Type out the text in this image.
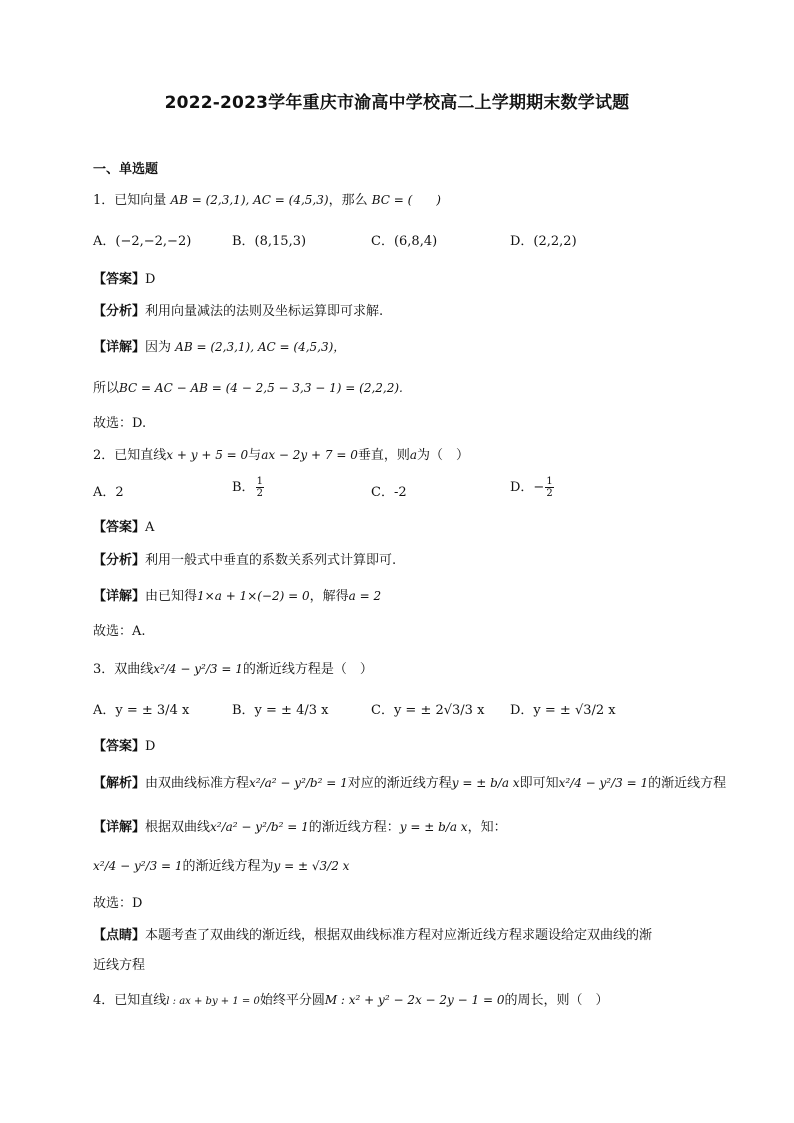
2022-2023学年重庆市渝高中学校高二上学期期末数学试题
一、单选题
1．已知向量 AB = (2,3,1), AC = (4,5,3)，那么 BC = (　　)
A．(−2,−2,−2)	B．(8,15,3)	C．(6,8,4)	D．(2,2,2)
【答案】D
【分析】利用向量减法的法则及坐标运算即可求解.
【详解】因为 AB = (2,3,1), AC = (4,5,3)，
所以BC = AC − AB = (4 − 2,5 − 3,3 − 1) = (2,2,2).
故选：D.
2．已知直线x + y + 5 = 0与ax − 2y + 7 = 0垂直，则a为（　）
A．2	B． $\frac{1}{2}$	C．-2	D．− $\frac{1}{2}$
【答案】A
【分析】利用一般式中垂直的系数关系列式计算即可.
【详解】由已知得1×a + 1×(−2) = 0，解得a = 2
故选：A.
3．双曲线x²/4 − y²/3 = 1的渐近线方程是（　）
A．y = ± 3/4 x	B．y = ± 4/3 x	C．y = ± 2√3/3 x D．y = ± √3/2 x
【答案】D
【解析】由双曲线标准方程x²/a² − y²/b² = 1对应的渐近线方程y = ± b/a x即可知x²/4 − y²/3 = 1的渐近线方程
【详解】根据双曲线x²/a² − y²/b² = 1的渐近线方程：y = ± b/a x，知：
x²/4 − y²/3 = 1的渐近线方程为y = ± √3/2 x
故选：D
【点睛】本题考查了双曲线的渐近线，根据双曲线标准方程对应渐近线方程求题设给定双曲线的渐
近线方程
4．已知直线l : ax + by + 1 = 0始终平分圆M : x² + y² − 2x − 2y − 1 = 0的周长，则（　）
